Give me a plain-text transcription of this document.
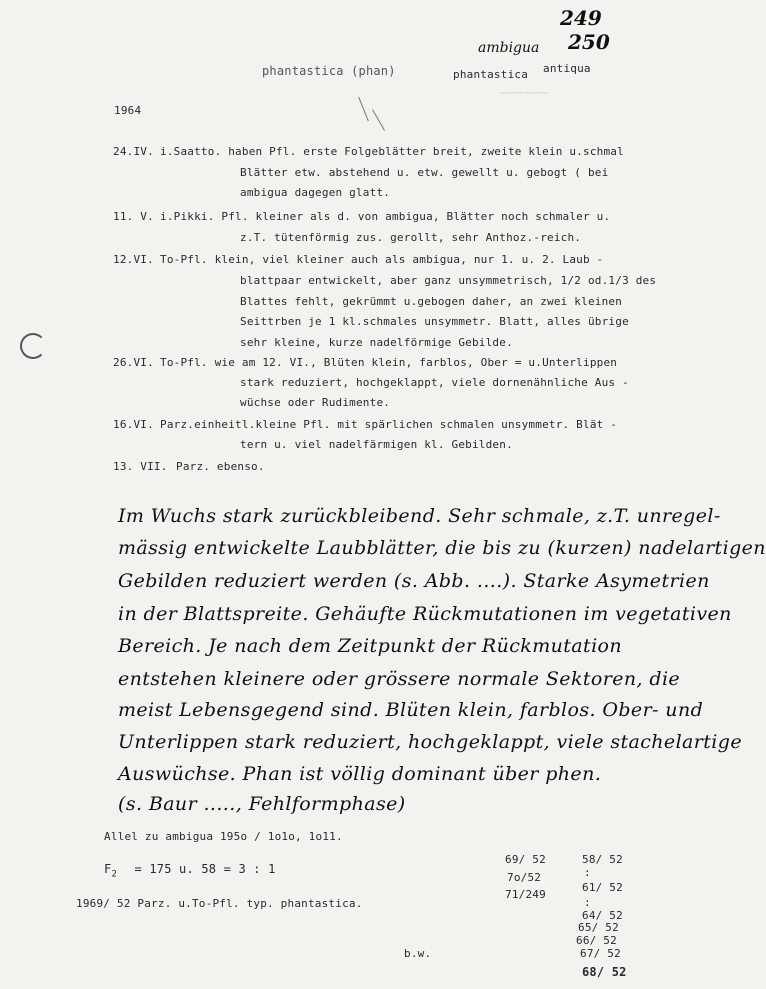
249
250
ambigua
antiqua
phantastica (phan)	phantastica
~~~~~~~~
1964
24.IV. i.Saatto. haben Pfl. erste Folgeblätter breit, zweite klein u.schmal
Blätter etw. abstehend u. etw. gewellt u. gebogt ( bei
ambigua dagegen glatt.
11. V. i.Pikki. Pfl. kleiner als d. von ambigua, Blätter noch schmaler u.
z.T. tütenförmig zus. gerollt, sehr Anthoz.-reich.
12.VI. To-Pfl. klein, viel kleiner auch als ambigua, nur 1. u. 2. Laub -
blattpaar entwickelt, aber ganz unsymmetrisch, 1/2 od.1/3 des
Blattes fehlt, gekrümmt u.gebogen daher, an zwei kleinen
Seittrben je 1 kl.schmales unsymmetr. Blatt, alles übrige
sehr kleine, kurze nadelförmige Gebilde.
26.VI. To-Pfl. wie am 12. VI., Blüten klein, farblos, Ober = u.Unterlippen
stark reduziert, hochgeklappt, viele dornenähnliche Aus -
wüchse oder Rudimente.
16.VI. Parz.einheitl.kleine Pfl. mit spärlichen schmalen unsymmetr. Blät -
tern u. viel nadelfärmigen kl. Gebilden.
13. VII. Parz. ebenso.
Im Wuchs stark zurückbleibend. Sehr schmale, z.T. unregel-
mässig entwickelte Laubblätter, die bis zu (kurzen) nadelartigen
Gebilden reduziert werden (s. Abb. ....). Starke Asymetrien
in der Blattspreite. Gehäufte Rückmutationen im vegetativen
Bereich. Je nach dem Zeitpunkt der Rückmutation
entstehen kleinere oder grössere normale Sektoren, die
meist Lebensgegend sind. Blüten klein, farblos. Ober- und
Unterlippen stark reduziert, hochgeklappt, viele stachelartige
Auswüchse. Phan ist völlig dominant über phen.
(s. Baur ....., Fehlformphase)
Allel zu ambigua 195o / 1o1o, 1o11.
$F_2 = 175$ u. 58 = 3 : 1
1969/ 52 Parz. u.To-Pfl. typ. phantastica.
b.w.
69/ 52
7o/52
71/249
58/ 52
:
61/ 52
:
64/ 52
65/ 52
66/ 52
67/ 52
68/ 52
